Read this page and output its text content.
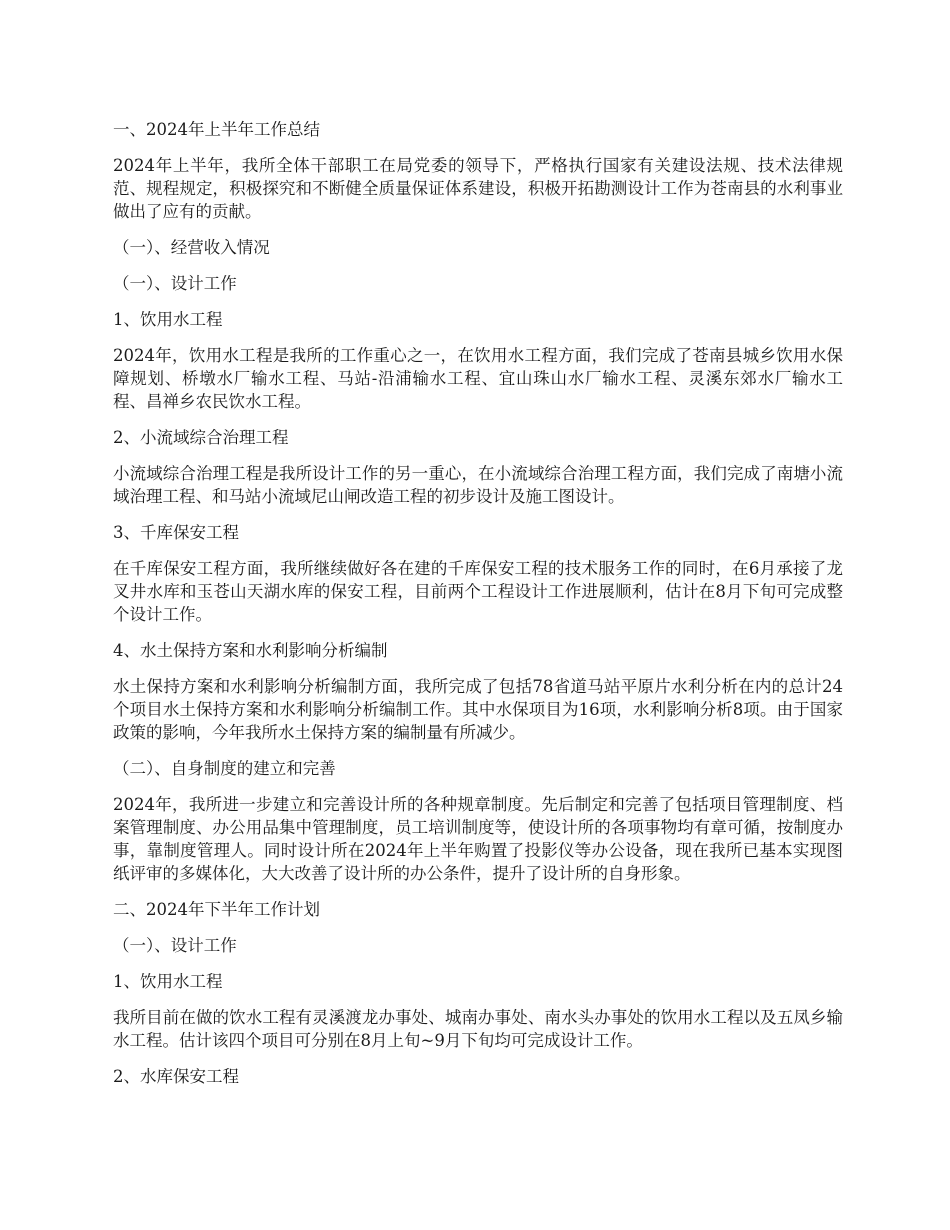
一、2024年上半年工作总结
2024年上半年，我所全体干部职工在局党委的领导下，严格执行国家有关建设法规、技术法律规范、规程规定，积极探究和不断健全质量保证体系建设，积极开拓勘测设计工作为苍南县的水利事业做出了应有的贡献。
（一）、经营收入情况
（一）、设计工作
1、饮用水工程
2024年，饮用水工程是我所的工作重心之一，在饮用水工程方面，我们完成了苍南县城乡饮用水保障规划、桥墩水厂输水工程、马站-沿浦输水工程、宜山珠山水厂输水工程、灵溪东郊水厂输水工程、昌禅乡农民饮水工程。
2、小流域综合治理工程
小流域综合治理工程是我所设计工作的另一重心，在小流域综合治理工程方面，我们完成了南塘小流域治理工程、和马站小流域尼山闸改造工程的初步设计及施工图设计。
3、千库保安工程
在千库保安工程方面，我所继续做好各在建的千库保安工程的技术服务工作的同时，在6月承接了龙叉井水库和玉苍山天湖水库的保安工程，目前两个工程设计工作进展顺利，估计在8月下旬可完成整个设计工作。
4、水土保持方案和水利影响分析编制
水土保持方案和水利影响分析编制方面，我所完成了包括78省道马站平原片水利分析在内的总计24个项目水土保持方案和水利影响分析编制工作。其中水保项目为16项，水利影响分析8项。由于国家政策的影响，今年我所水土保持方案的编制量有所减少。
（二）、自身制度的建立和完善
2024年，我所进一步建立和完善设计所的各种规章制度。先后制定和完善了包括项目管理制度、档案管理制度、办公用品集中管理制度，员工培训制度等，使设计所的各项事物均有章可循，按制度办事，靠制度管理人。同时设计所在2024年上半年购置了投影仪等办公设备，现在我所已基本实现图纸评审的多媒体化，大大改善了设计所的办公条件，提升了设计所的自身形象。
二、2024年下半年工作计划
（一）、设计工作
1、饮用水工程
我所目前在做的饮水工程有灵溪渡龙办事处、城南办事处、南水头办事处的饮用水工程以及五凤乡输水工程。估计该四个项目可分别在8月上旬~9月下旬均可完成设计工作。
2、水库保安工程
